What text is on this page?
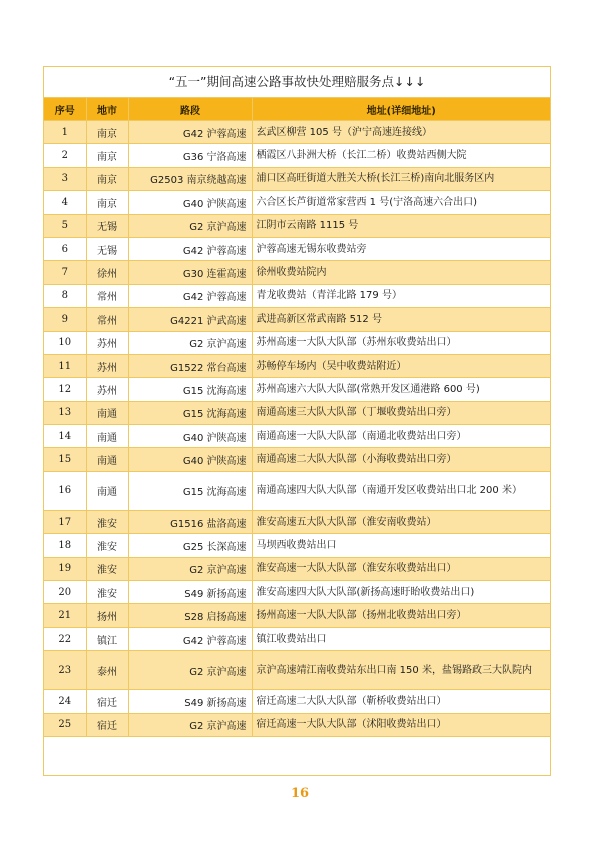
“五一”期间高速公路事故快处理赔服务点↓↓↓
序号	地市	路段	地址(详细地址)
1	南京	G42 沪蓉高速	玄武区柳营 105 号（沪宁高速连接线）
2	南京	G36 宁洛高速	栖霞区八卦洲大桥（长江二桥）收费站西侧大院
3	南京	G2503 南京绕越高速	浦口区高旺街道大胜关大桥(长江三桥)南向北服务区内
4	南京	G40 沪陕高速	六合区长芦街道常家营西 1 号(宁洛高速六合出口)
5	无锡	G2 京沪高速	江阴市云南路 1115 号
6	无锡	G42 沪蓉高速	沪蓉高速无锡东收费站旁
7	徐州	G30 连霍高速	徐州收费站院内
8	常州	G42 沪蓉高速	青龙收费站（青洋北路 179 号）
9	常州	G4221 沪武高速	武进高新区常武南路 512 号
10	苏州	G2 京沪高速	苏州高速一大队大队部（苏州东收费站出口）
11	苏州	G1522 常台高速	苏畅停车场内（吴中收费站附近）
12	苏州	G15 沈海高速	苏州高速六大队大队部(常熟开发区通港路 600 号)
13	南通	G15 沈海高速	南通高速三大队大队部（丁堰收费站出口旁）
14	南通	G40 沪陕高速	南通高速一大队大队部（南通北收费站出口旁）
15	南通	G40 沪陕高速	南通高速二大队大队部（小海收费站出口旁）
16	南通	G15 沈海高速	南通高速四大队大队部（南通开发区收费站出口北 200 米）
17	淮安	G1516 盐洛高速	淮安高速五大队大队部（淮安南收费站）
18	淮安	G25 长深高速	马坝西收费站出口
19	淮安	G2 京沪高速	淮安高速一大队大队部（淮安东收费站出口）
20	淮安	S49 新扬高速	淮安高速四大队大队部(新扬高速盱眙收费站出口)
21	扬州	S28 启扬高速	扬州高速一大队大队部（扬州北收费站出口旁）
22	镇江	G42 沪蓉高速	镇江收费站出口
23	泰州	G2 京沪高速	京沪高速靖江南收费站东出口南 150 米，盐锡路政三大队院内
24	宿迁	S49 新扬高速	宿迁高速二大队大队部（靳桥收费站出口）
25	宿迁	G2 京沪高速	宿迁高速一大队大队部（沭阳收费站出口）
16
